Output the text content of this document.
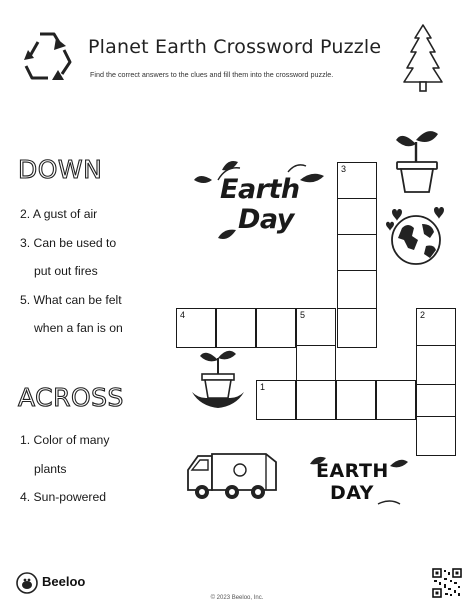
Planet Earth Crossword Puzzle
Find the correct answers to the clues and fill them into the crossword puzzle.
DOWN
2. A gust of air
3. Can be used to
put out fires
5. What can be felt
when a fan is on
ACROSS
1. Color of many
plants
4. Sun-powered
3
4	5
1
2
Earth
Day
EARTH
DAY
Beeloo
© 2023 Beeloo, Inc.
